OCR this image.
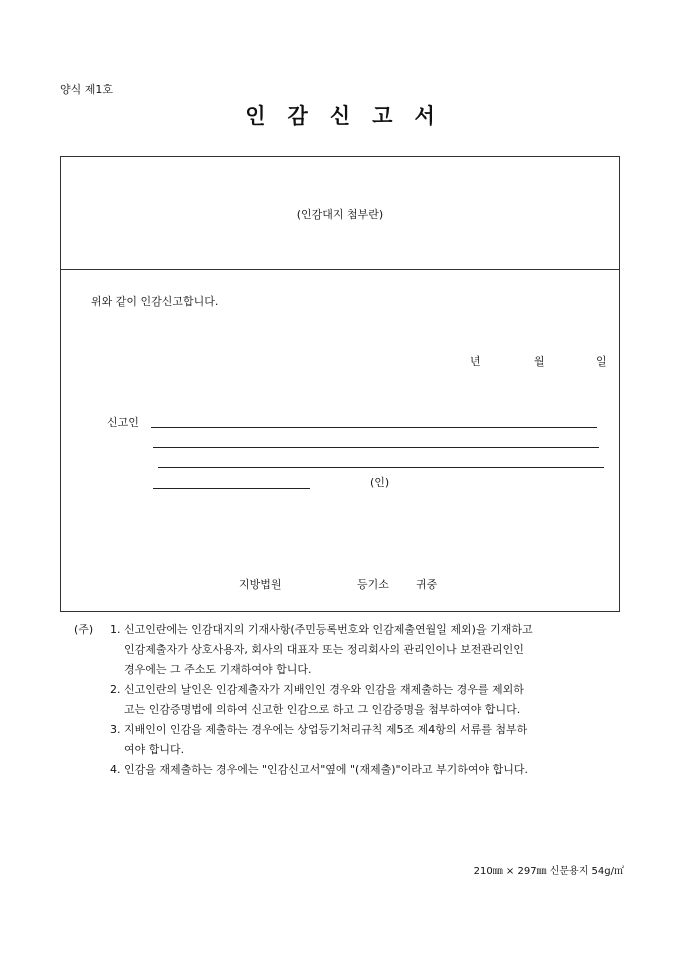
양식 제1호
인 감 신 고 서
(인감대지 첨부란)
위와 같이 인감신고합니다.
년	월	일
신고인
(인)
지방법원	등기소 귀중
(주)	1. 신고인란에는 인감대지의 기재사항(주민등록번호와 인감제출연월일 제외)을 기재하고
인감제출자가 상호사용자, 회사의 대표자 또는 정리회사의 관리인이나 보전관리인인
경우에는 그 주소도 기재하여야 합니다.
2. 신고인란의 날인은 인감제출자가 지배인인 경우와 인감을 재제출하는 경우를 제외하
고는 인감증명법에 의하여 신고한 인감으로 하고 그 인감증명을 첨부하여야 합니다.
3. 지배인이 인감을 제출하는 경우에는 상업등기처리규칙 제5조 제4항의 서류를 첨부하
여야 합니다.
4. 인감을 재제출하는 경우에는 "인감신고서"옆에 "(재제출)"이라고 부기하여야 합니다.
210㎜ × 297㎜ 신문용지 54g/㎡
